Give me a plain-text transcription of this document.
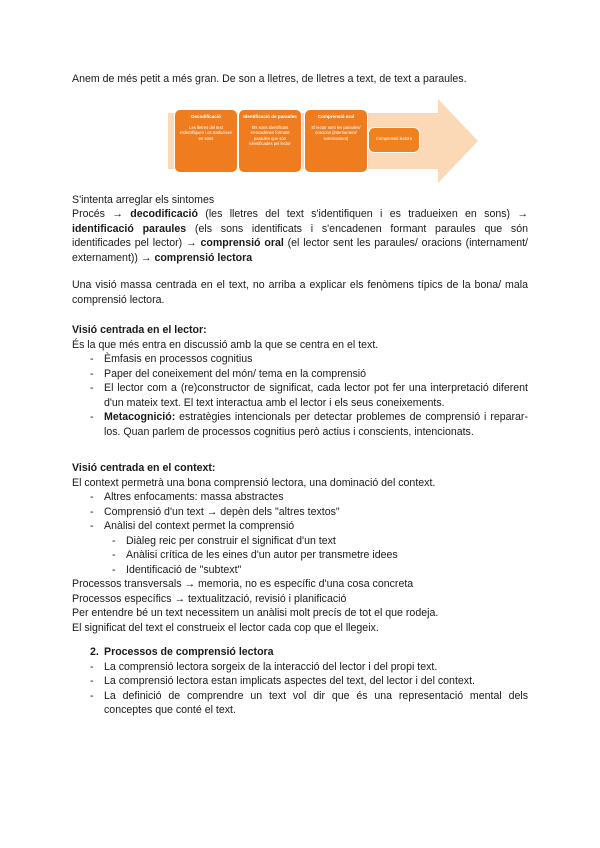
Anem de més petit a més gran. De son a lletres, de lletres a text, de text a paraules.

Decodificació
Les lletres del text s'identifiquen i es tradueixen en sons
Identificació de paraules
Els sons identificats s'encadenen formant paraules que són identificades pel lector
Comprensió oral
El lector sent les paraules/ oracions (internament/ externament)	Comprensió lectora

S'intenta arreglar els sintomes

Procés → decodificació (les lletres del text s'identifiquen i es tradueixen en sons) → identificació paraules (els sons identificats i s'encadenen formant paraules que són identificades pel lector) → comprensió oral (el lector sent les paraules/ oracions (internament/ externament)) → comprensió lectora

Una visió massa centrada en el text, no arriba a explicar els fenòmens típics de la bona/ mala comprensió lectora.

Visió centrada en el lector:

És la que més entra en discussió amb la que se centra en el text.

- Èmfasis en processos cognitius
- Paper del coneixement del món/ tema en la comprensió
- El lector com a (re)constructor de significat, cada lector pot fer una interpretació diferent d'un mateix text. El text interactua amb el lector i els seus coneixements.
- Metacognició: estratègies intencionals per detectar problemes de comprensió i reparar-los. Quan parlem de processos cognitius però actius i conscients, intencionats.

Visió centrada en el context:

El context permetrà una bona comprensió lectora, una dominació del context.

- Altres enfocaments: massa abstractes
- Comprensió d'un text → depèn dels "altres textos"
- Anàlisi del context permet la comprensió
- Diàleg reic per construir el significat d'un text
- Anàlisi crítica de les eines d'un autor per transmetre idees
- Identificació de "subtext"

Processos transversals → memoria, no es específic d'una cosa concreta

Processos específics → textualització, revisió i planificació

Per entendre bé un text necessitem un anàlisi molt precís de tot el que rodeja.

El significat del text el construeix el lector cada cop que el llegeix.

2. Processos de comprensió lectora

- La comprensió lectora sorgeix de la interacció del lector i del propi text.
- La comprensió lectora estan implicats aspectes del text, del lector i del context.
- La definició de comprendre un text vol dir que és una representació mental dels conceptes que conté el text.
